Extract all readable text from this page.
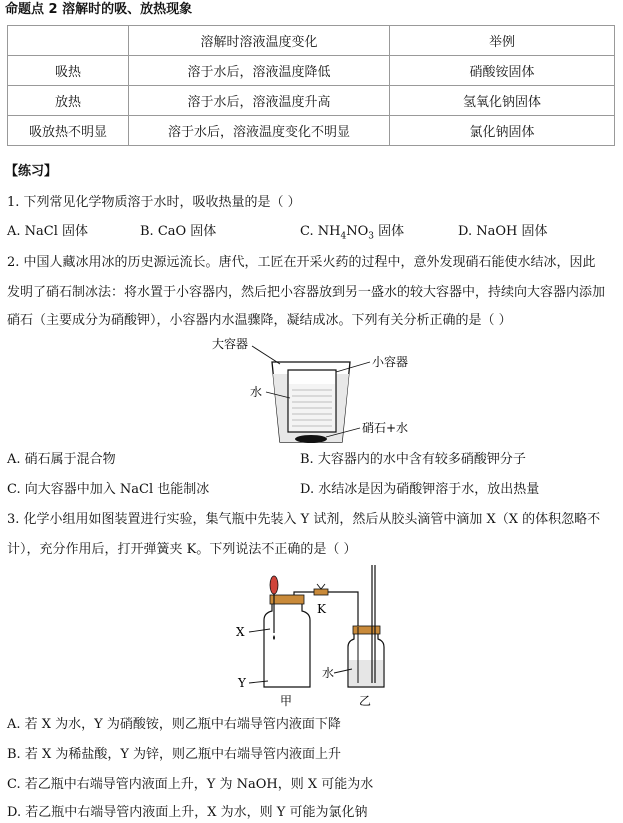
命题点 2 溶解时的吸、放热现象
	溶解时溶液温度变化	举例
吸热	溶于水后，溶液温度降低	硝酸铵固体
放热	溶于水后，溶液温度升高	氢氧化钠固体
吸放热不明显	溶于水后，溶液温度变化不明显	氯化钠固体
【练习】
1. 下列常见化学物质溶于水时，吸收热量的是（ ）
A. NaCl 固体	B. CaO 固体	C. $NH_4NO_3$ 固体	D. NaOH 固体
2. 中国人藏冰用冰的历史源远流长。唐代，工匠在开采火药的过程中，意外发现硝石能使水结冰，因此
发明了硝石制冰法：将水置于小容器内，然后把小容器放到另一盛水的较大容器中，持续向大容器内添加
硝石（主要成分为硝酸钾），小容器内水温骤降，凝结成冰。下列有关分析正确的是（ ）
大容器
小容器
水
硝石+水
A. 硝石属于混合物	B. 大容器内的水中含有较多硝酸钾分子
C. 向大容器中加入 NaCl 也能制冰	D. 水结冰是因为硝酸钾溶于水，放出热量
3. 化学小组用如图装置进行实验，集气瓶中先装入 Y 试剂，然后从胶头滴管中滴加 X（X 的体积忽略不
计），充分作用后，打开弹簧夹 K。下列说法不正确的是（ ）
X
Y
K
水
甲	乙
A. 若 X 为水，Y 为硝酸铵，则乙瓶中右端导管内液面下降
B. 若 X 为稀盐酸，Y 为锌，则乙瓶中右端导管内液面上升
C. 若乙瓶中右端导管内液面上升，Y 为 NaOH，则 X 可能为水
D. 若乙瓶中右端导管内液面上升，X 为水，则 Y 可能为氯化钠
